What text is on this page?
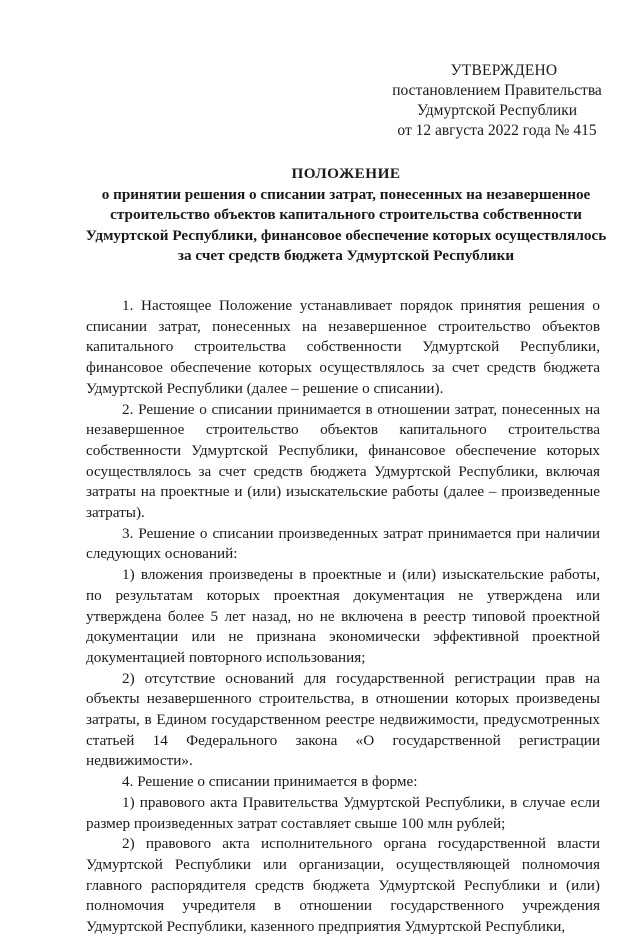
УТВЕРЖДЕНО
постановлением Правительства
Удмуртской Республики
от 12 августа 2022 года № 415
ПОЛОЖЕНИЕ
о принятии решения о списании затрат, понесенных на незавершенное строительство объектов капитального строительства собственности Удмуртской Республики, финансовое обеспечение которых осуществлялось за счет средств бюджета Удмуртской Республики

1. Настоящее Положение устанавливает порядок принятия решения о списании затрат, понесенных на незавершенное строительство объектов капитального строительства собственности Удмуртской Республики, финансовое обеспечение которых осуществлялось за счет средств бюджета Удмуртской Республики (далее – решение о списании).

2. Решение о списании принимается в отношении затрат, понесенных на незавершенное строительство объектов капитального строительства собственности Удмуртской Республики, финансовое обеспечение которых осуществлялось за счет средств бюджета Удмуртской Республики, включая затраты на проектные и (или) изыскательские работы (далее – произведенные затраты).

3. Решение о списании произведенных затрат принимается при наличии следующих оснований:

1) вложения произведены в проектные и (или) изыскательские работы, по результатам которых проектная документация не утверждена или утверждена более 5 лет назад, но не включена в реестр типовой проектной документации или не признана экономически эффективной проектной документацией повторного использования;

2) отсутствие оснований для государственной регистрации прав на объекты незавершенного строительства, в отношении которых произведены затраты, в Едином государственном реестре недвижимости, предусмотренных статьей 14 Федерального закона «О государственной регистрации недвижимости».

4. Решение о списании принимается в форме:

1) правового акта Правительства Удмуртской Республики, в случае если размер произведенных затрат составляет свыше 100 млн рублей;

2) правового акта исполнительного органа государственной власти Удмуртской Республики или организации, осуществляющей полномочия главного распорядителя средств бюджета Удмуртской Республики и (или) полномочия учредителя в отношении государственного учреждения Удмуртской Республики, казенного предприятия Удмуртской Республики,
